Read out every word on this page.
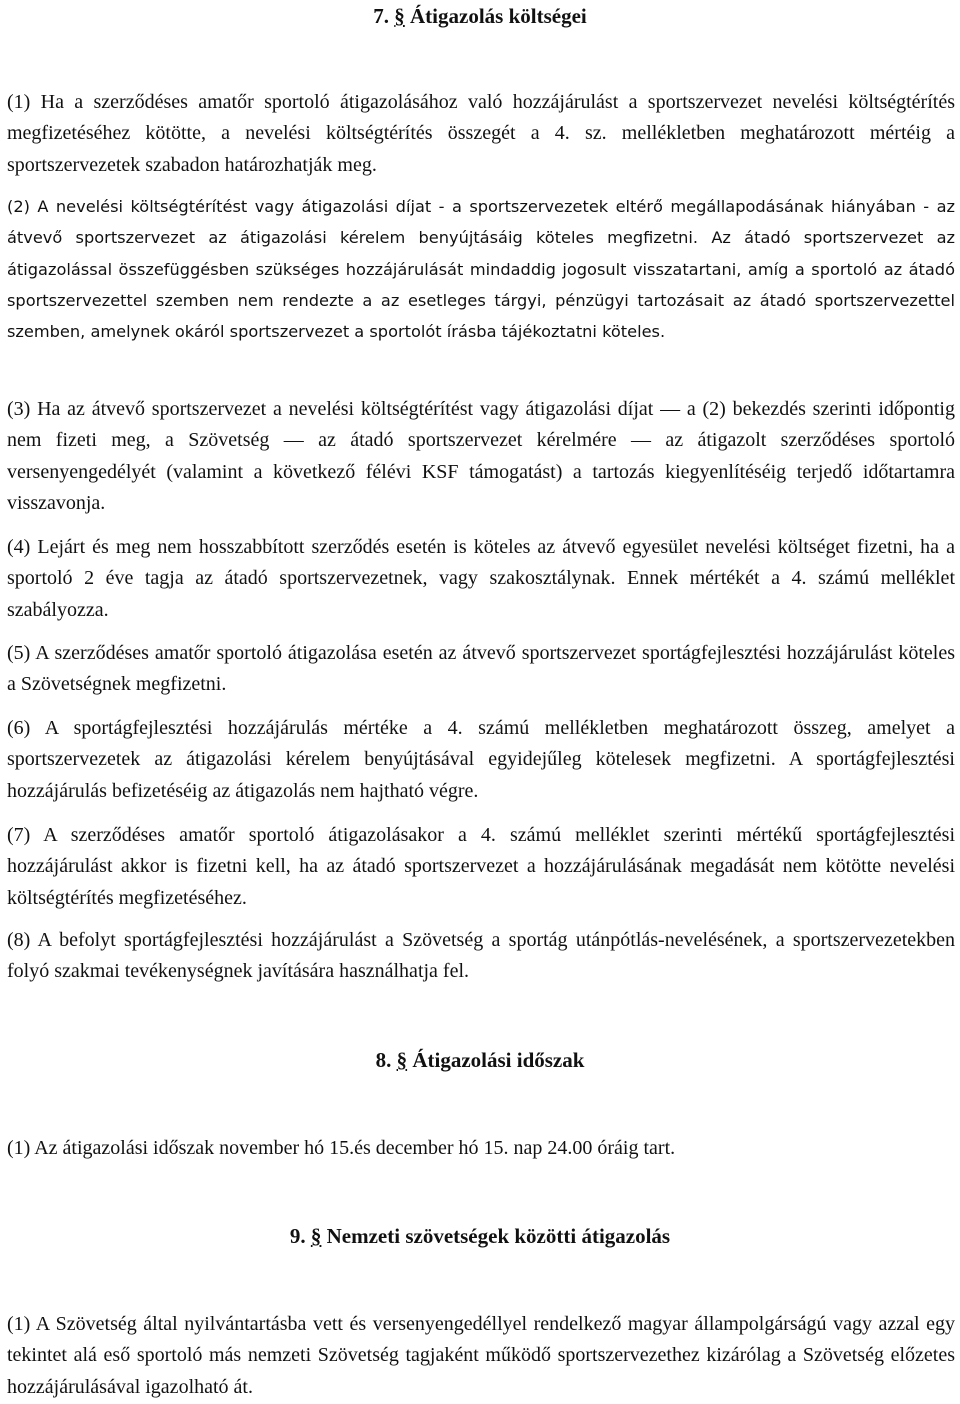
7. § Átigazolás költségei

(1) Ha a szerződéses amatőr sportoló átigazolásához való hozzájárulást a sportszervezet nevelési költségtérítés megfizetéséhez kötötte, a nevelési költségtérítés összegét a 4. sz. mellékletben meghatározott mértéig a sportszervezetek szabadon határozhatják meg.

(2) A nevelési költségtérítést vagy átigazolási díjat - a sportszervezetek eltérő megállapodásának hiányában - az átvevő sportszervezet az átigazolási kérelem benyújtásáig köteles megfizetni. Az átadó sportszervezet az átigazolással összefüggésben szükséges hozzájárulását mindaddig jogosult visszatartani, amíg a sportoló az átadó sportszervezettel szemben nem rendezte a az esetleges tárgyi, pénzügyi tartozásait az átadó sportszervezettel szemben, amelynek okáról sportszervezet a sportolót írásba tájékoztatni köteles.

(3) Ha az átvevő sportszervezet a nevelési költségtérítést vagy átigazolási díjat — a (2) bekezdés szerinti időpontig nem fizeti meg, a Szövetség — az átadó sportszervezet kérelmére — az átigazolt szerződéses sportoló versenyengedélyét (valamint a következő félévi KSF támogatást) a tartozás kiegyenlítéséig terjedő időtartamra visszavonja.

(4) Lejárt és meg nem hosszabbított szerződés esetén is köteles az átvevő egyesület nevelési költséget fizetni, ha a sportoló 2 éve tagja az átadó sportszervezetnek, vagy szakosztálynak. Ennek mértékét a 4. számú melléklet szabályozza.

(5) A szerződéses amatőr sportoló átigazolása esetén az átvevő sportszervezet sportágfejlesztési hozzájárulást köteles a Szövetségnek megfizetni.

(6) A sportágfejlesztési hozzájárulás mértéke a 4. számú mellékletben meghatározott összeg, amelyet a sportszervezetek az átigazolási kérelem benyújtásával egyidejűleg kötelesek megfizetni. A sportágfejlesztési hozzájárulás befizetéséig az átigazolás nem hajtható végre.

(7) A szerződéses amatőr sportoló átigazolásakor a 4. számú melléklet szerinti mértékű sportágfejlesztési hozzájárulást akkor is fizetni kell, ha az átadó sportszervezet a hozzájárulásának megadását nem kötötte nevelési költségtérítés megfizetéséhez.

(8) A befolyt sportágfejlesztési hozzájárulást a Szövetség a sportág utánpótlás-nevelésének, a sportszervezetekben folyó szakmai tevékenységnek javítására használhatja fel.

8. § Átigazolási időszak

(1) Az átigazolási időszak november hó 15.és december hó 15. nap 24.00 óráig tart.

9. § Nemzeti szövetségek közötti átigazolás

(1) A Szövetség által nyilvántartásba vett és versenyengedéllyel rendelkező magyar állampolgárságú vagy azzal egy tekintet alá eső sportoló más nemzeti Szövetség tagjaként működő sportszervezethez kizárólag a Szövetség előzetes hozzájárulásával igazolható át.
